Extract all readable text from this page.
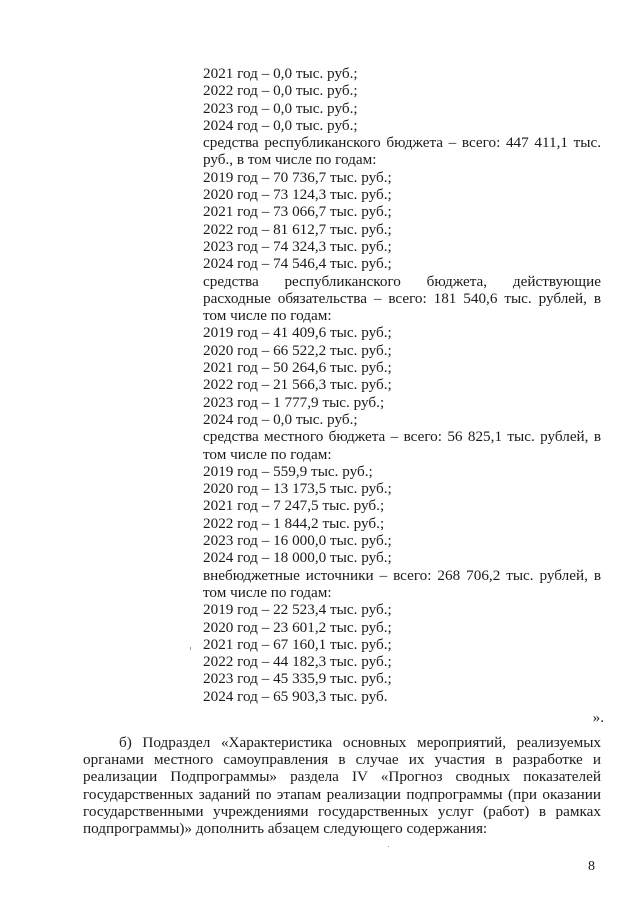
2021 год – 0,0 тыс. руб.;
2022 год – 0,0 тыс. руб.;
2023 год – 0,0 тыс. руб.;
2024 год – 0,0 тыс. руб.;
средства республиканского бюджета – всего: 447 411,1 тыс.
руб., в том числе по годам:
2019 год – 70 736,7 тыс. руб.;
2020 год – 73 124,3 тыс. руб.;
2021 год – 73 066,7 тыс. руб.;
2022 год – 81 612,7 тыс. руб.;
2023 год – 74 324,3 тыс. руб.;
2024 год – 74 546,4 тыс. руб.;
средства республиканского бюджета, действующие
расходные обязательства – всего: 181 540,6 тыс. рублей, в
том числе по годам:
2019 год – 41 409,6 тыс. руб.;
2020 год – 66 522,2 тыс. руб.;
2021 год – 50 264,6 тыс. руб.;
2022 год – 21 566,3 тыс. руб.;
2023 год – 1 777,9 тыс. руб.;
2024 год – 0,0 тыс. руб.;
средства местного бюджета – всего: 56 825,1 тыс. рублей, в
том числе по годам:
2019 год – 559,9 тыс. руб.;
2020 год – 13 173,5 тыс. руб.;
2021 год – 7 247,5 тыс. руб.;
2022 год – 1 844,2 тыс. руб.;
2023 год – 16 000,0 тыс. руб.;
2024 год – 18 000,0 тыс. руб.;
внебюджетные источники – всего: 268 706,2 тыс. рублей, в
том числе по годам:
2019 год – 22 523,4 тыс. руб.;
2020 год – 23 601,2 тыс. руб.;
2021 год – 67 160,1 тыс. руб.;
2022 год – 44 182,3 тыс. руб.;
2023 год – 45 335,9 тыс. руб.;
2024 год – 65 903,3 тыс. руб.
».
б) Подраздел «Характеристика основных мероприятий, реализуемых
органами местного самоуправления в случае их участия в разработке и
реализации Подпрограммы» раздела IV «Прогноз сводных показателей
государственных заданий по этапам реализации подпрограммы (при оказании
государственными учреждениями государственных услуг (работ) в рамках
подпрограммы)» дополнить абзацем следующего содержания:
8
